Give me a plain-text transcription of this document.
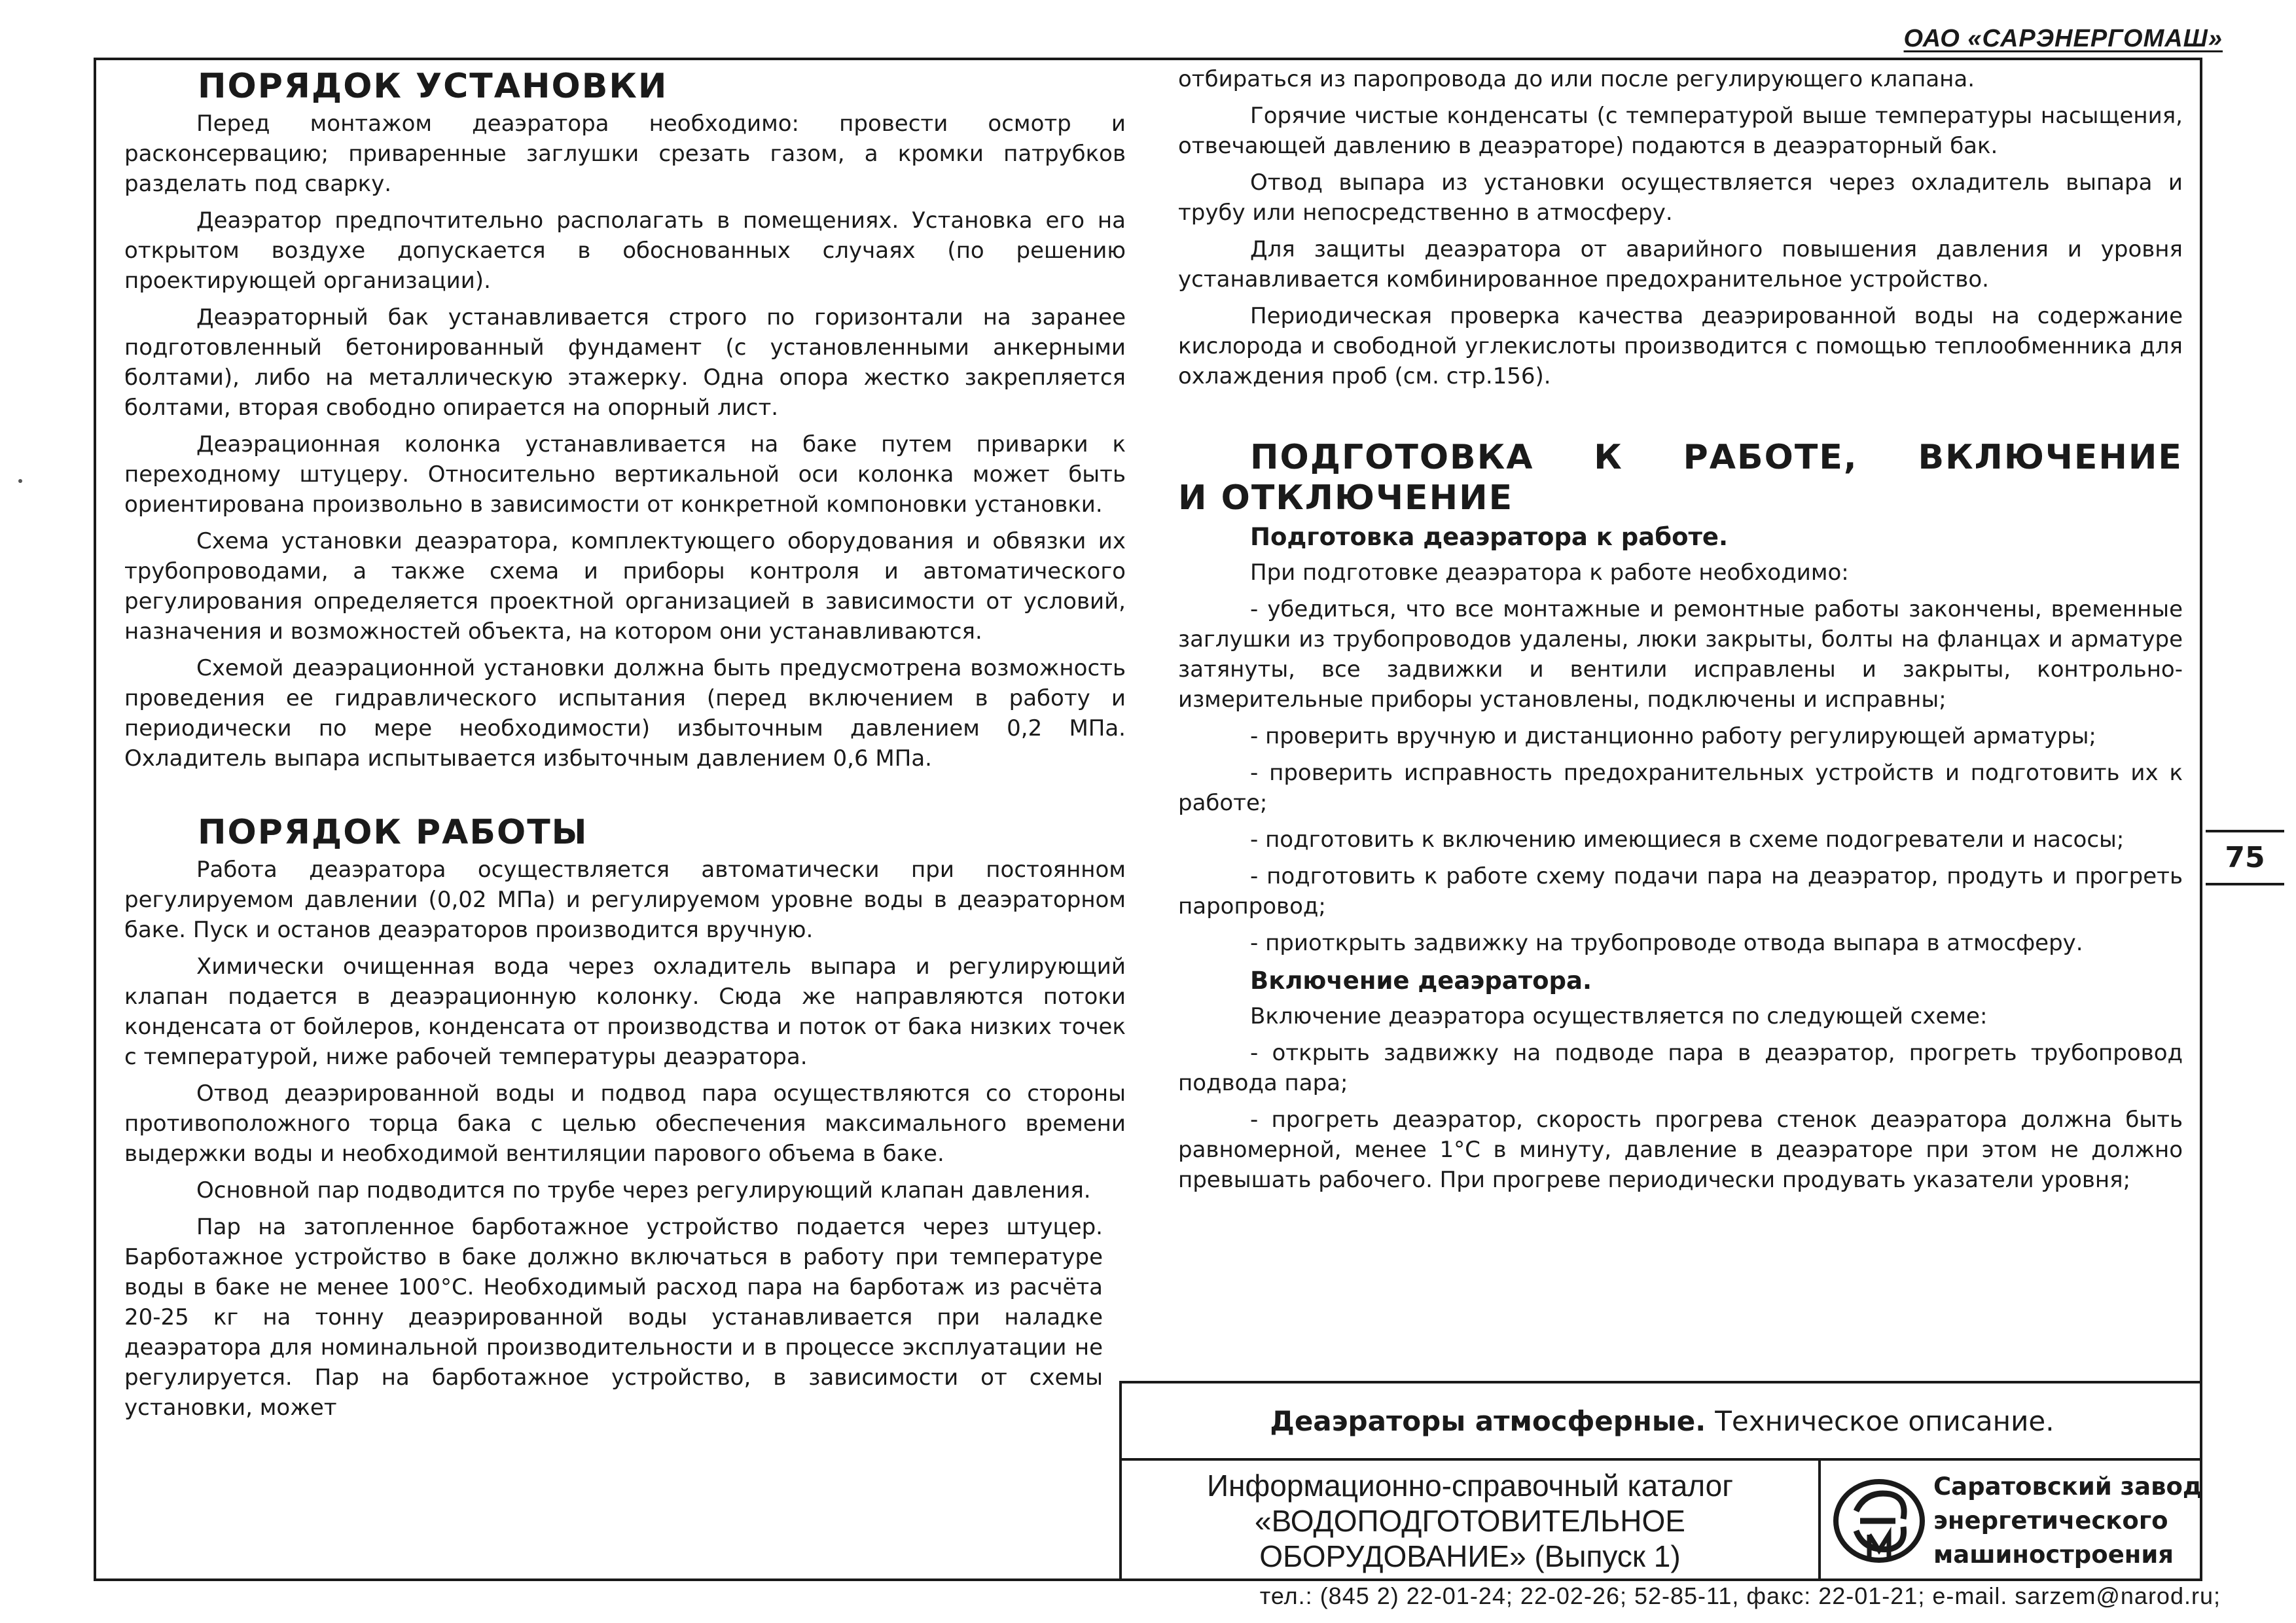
ОАО «САРЭНЕРГОМАШ»
ПОРЯДОК УСТАНОВКИ

Перед монтажом деаэратора необходимо: провести осмотр и расконсервацию; приваренные заглушки срезать газом, а кромки патрубков разделать под сварку.

Деаэратор предпочтительно располагать в помещениях. Установка его на открытом воздухе допускается в обоснованных случаях (по решению проектирующей организации).

Деаэраторный бак устанавливается строго по горизонтали на заранее подготовленный бетонированный фундамент (с установленными анкерными болтами), либо на металлическую этажерку. Одна опора жестко закрепляется болтами, вторая свободно опирается на опорный лист.

Деаэрационная колонка устанавливается на баке путем приварки к переходному штуцеру. Относительно вертикальной оси колонка может быть ориентирована произвольно в зависимости от конкретной компоновки установки.

Схема установки деаэратора, комплектующего оборудования и обвязки их трубопроводами, а также схема и приборы контроля и автоматического регулирования определяется проектной организацией в зависимости от условий, назначения и возможностей объекта, на котором они устанавливаются.

Схемой деаэрационной установки должна быть предусмотрена возможность проведения ее гидравлического испытания (перед включением в работу и периодически по мере необходимости) избыточным давлением 0,2 МПа. Охладитель выпара испытывается избыточным давлением 0,6 МПа.

ПОРЯДОК РАБОТЫ

Работа деаэратора осуществляется автоматически при постоянном регулируемом давлении (0,02 МПа) и регулируемом уровне воды в деаэраторном баке. Пуск и останов деаэраторов производится вручную.

Химически очищенная вода через охладитель выпара и регулирующий клапан подается в деаэрационную колонку. Сюда же направляются потоки конденсата от бойлеров, конденсата от производства и поток от бака низких точек с температурой, ниже рабочей температуры деаэратора.

Отвод деаэрированной воды и подвод пара осуществляются со стороны противоположного торца бака с целью обеспечения максимального времени выдержки воды и необходимой вентиляции парового объема в баке.

Основной пар подводится по трубе через регулирующий клапан давления.

Пар на затопленное барботажное устройство подается через штуцер. Барботажное устройство в баке должно включаться в работу при температуре воды в баке не менее 100°С. Необходимый расход пара на барботаж из расчёта 20-25 кг на тонну деаэрированной воды устанавливается при наладке деаэратора для номинальной производительности и в процессе эксплуатации не регулируется. Пар на барботажное устройство, в зависимости от схемы установки, может

отбираться из паропровода до или после регулирующего клапана.

Горячие чистые конденсаты (с температурой выше температуры насыщения, отвечающей давлению в деаэраторе) подаются в деаэраторный бак.

Отвод выпара из установки осуществляется через охладитель выпара и трубу или непосредственно в атмосферу.

Для защиты деаэратора от аварийного повышения давления и уровня устанавливается комбинированное предохранительное устройство.

Периодическая проверка качества деаэрированной воды на содержание кислорода и свободной углекислоты производится с помощью теплообменника для охлаждения проб (см. стр.156).

ПОДГОТОВКА К РАБОТЕ, ВКЛЮЧЕНИЕ
И ОТКЛЮЧЕНИЕ
Подготовка деаэратора к работе.

При подготовке деаэратора к работе необходимо:

- убедиться, что все монтажные и ремонтные работы закончены, временные заглушки из трубопроводов удалены, люки закрыты, болты на фланцах и арматуре затянуты, все задвижки и вентили исправлены и закрыты, контрольно-измерительные приборы установлены, подключены и исправны;

- проверить вручную и дистанционно работу регулирующей арматуры;

- проверить исправность предохранительных устройств и подготовить их к работе;

- подготовить к включению имеющиеся в схеме подогреватели и насосы;

- подготовить к работе схему подачи пара на деаэратор, продуть и прогреть паропровод;

- приоткрыть задвижку на трубопроводе отвода выпара в атмосферу.

Включение деаэратора.

Включение деаэратора осуществляется по следующей схеме:

- открыть задвижку на подводе пара в деаэратор, прогреть трубопровод подвода пара;

- прогреть деаэратор, скорость прогрева стенок деаэратора должна быть равномерной, менее 1°С в минуту, давление в деаэраторе при этом не должно превышать рабочего. При прогреве периодически продувать указатели уровня;

75
Деаэраторы атмосферные. Техническое описание.
Информационно-справочный каталог
«ВОДОПОДГОТОВИТЕЛЬНОЕ
ОБОРУДОВАНИЕ» (Выпуск 1)
Саратовский завод
энергетического
машиностроения
тел.: (845 2) 22-01-24; 22-02-26; 52-85-11, факс: 22-01-21; e-mail. sarzem@narod.ru;
